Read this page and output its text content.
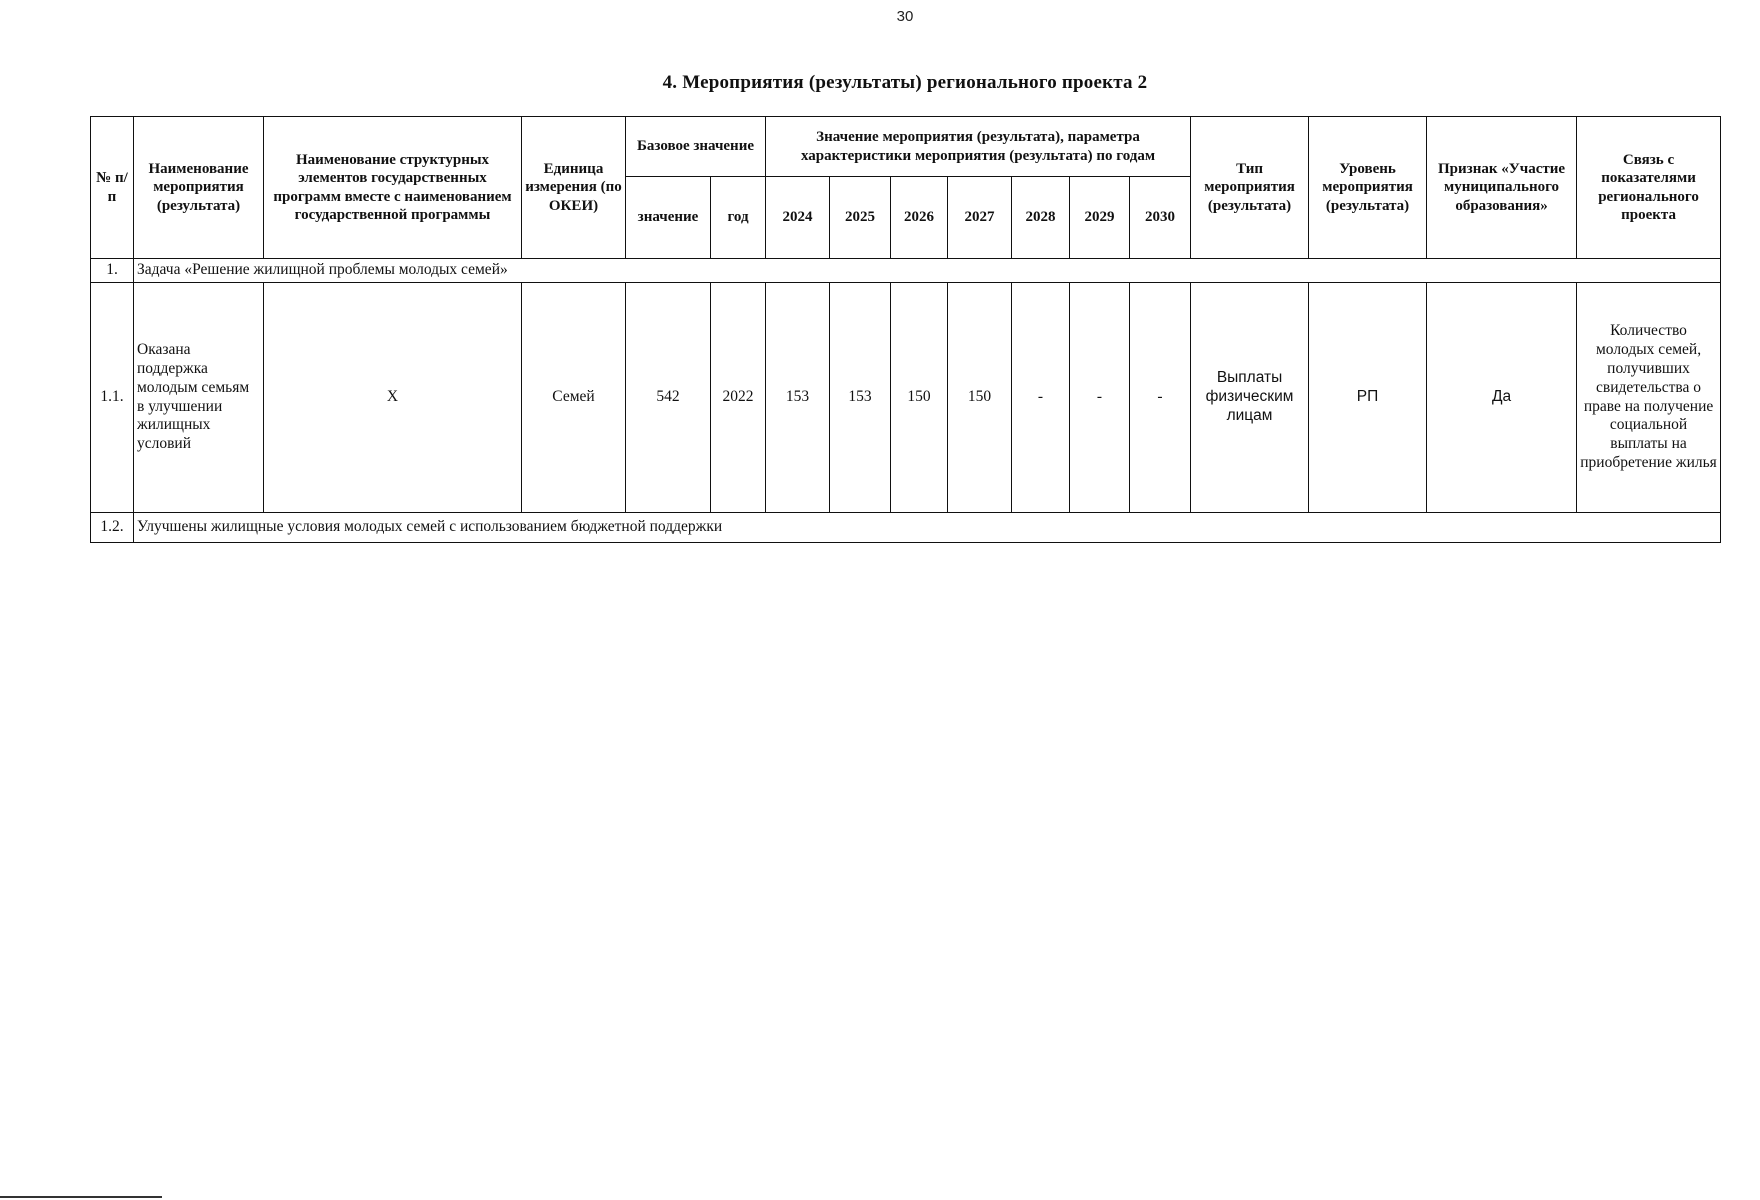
30
4. Мероприятия (результаты) регионального проекта 2
№ п/п	Наименование мероприятия (результата)	Наименование структурных элементов государственных программ вместе с наименованием государственной программы	Единица измерения (по ОКЕИ)	Базовое значение		Значение мероприятия (результата), параметра характеристики мероприятия (результата) по годам							Тип мероприятия (результата)	Уровень мероприятия (результата)	Признак «Участие муниципального образования»	Связь с показателями регионального проекта
				значение	год	2024	2025	2026	2027	2028	2029	2030				
1.	Задача «Решение жилищной проблемы молодых семей»															
1.1.	Оказана поддержка молодым семьям в улучшении жилищных условий	Х	Семей	542	2022	153	153	150	150	-	-	-	Выплаты физическим лицам	РП	Да	Количество молодых семей, получивших свидетельства о праве на получение социальной выплаты на приобретение жилья
1.2.	Улучшены жилищные условия молодых семей с использованием бюджетной поддержки															
